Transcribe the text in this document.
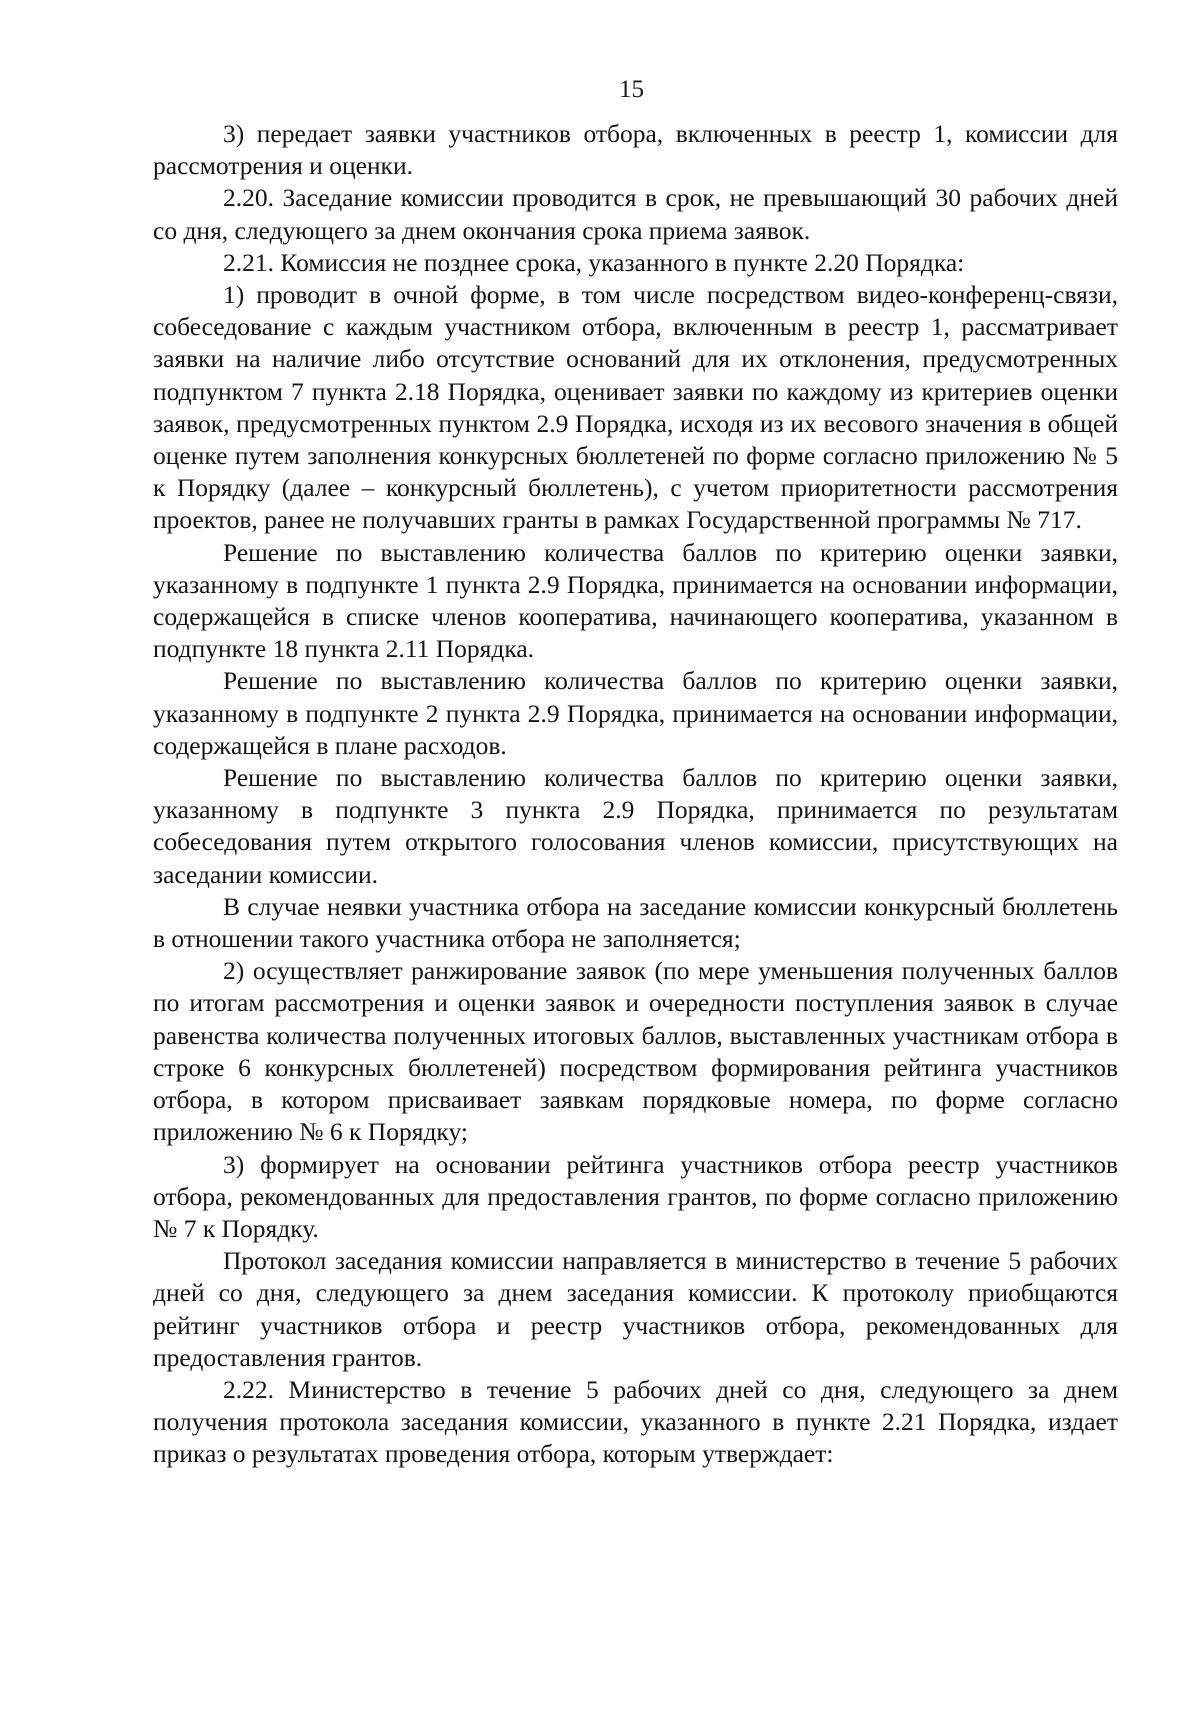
15

3) передает заявки участников отбора, включенных в реестр 1, комиссии для рассмотрения и оценки.

2.20. Заседание комиссии проводится в срок, не превышающий 30 рабочих дней со дня, следующего за днем окончания срока приема заявок.

2.21. Комиссия не позднее срока, указанного в пункте 2.20 Порядка:

1) проводит в очной форме, в том числе посредством видео-конференц-связи, собеседование с каждым участником отбора, включенным в реестр 1, рассматривает заявки на наличие либо отсутствие оснований для их отклонения, предусмотренных подпунктом 7 пункта 2.18 Порядка, оценивает заявки по каждому из критериев оценки заявок, предусмотренных пунктом 2.9 Порядка, исходя из их весового значения в общей оценке путем заполнения конкурсных бюллетеней по форме согласно приложению № 5 к Порядку (далее – конкурсный бюллетень), с учетом приоритетности рассмотрения проектов, ранее не получавших гранты в рамках Государственной программы № 717.

Решение по выставлению количества баллов по критерию оценки заявки, указанному в подпункте 1 пункта 2.9 Порядка, принимается на основании информации, содержащейся в списке членов кооператива, начинающего кооператива, указанном в подпункте 18 пункта 2.11 Порядка.

Решение по выставлению количества баллов по критерию оценки заявки, указанному в подпункте 2 пункта 2.9 Порядка, принимается на основании информации, содержащейся в плане расходов.

Решение по выставлению количества баллов по критерию оценки заявки, указанному в подпункте 3 пункта 2.9 Порядка, принимается по результатам собеседования путем открытого голосования членов комиссии, присутствующих на заседании комиссии.

В случае неявки участника отбора на заседание комиссии конкурсный бюллетень в отношении такого участника отбора не заполняется;

2) осуществляет ранжирование заявок (по мере уменьшения полученных баллов по итогам рассмотрения и оценки заявок и очередности поступления заявок в случае равенства количества полученных итоговых баллов, выставленных участникам отбора в строке 6 конкурсных бюллетеней) посредством формирования рейтинга участников отбора, в котором присваивает заявкам порядковые номера, по форме согласно приложению № 6 к Порядку;

3) формирует на основании рейтинга участников отбора реестр участников отбора, рекомендованных для предоставления грантов, по форме согласно приложению № 7 к Порядку.

Протокол заседания комиссии направляется в министерство в течение 5 рабочих дней со дня, следующего за днем заседания комиссии. К протоколу приобщаются рейтинг участников отбора и реестр участников отбора, рекомендованных для предоставления грантов.

2.22. Министерство в течение 5 рабочих дней со дня, следующего за днем получения протокола заседания комиссии, указанного в пункте 2.21 Порядка, издает приказ о результатах проведения отбора, которым утверждает:
